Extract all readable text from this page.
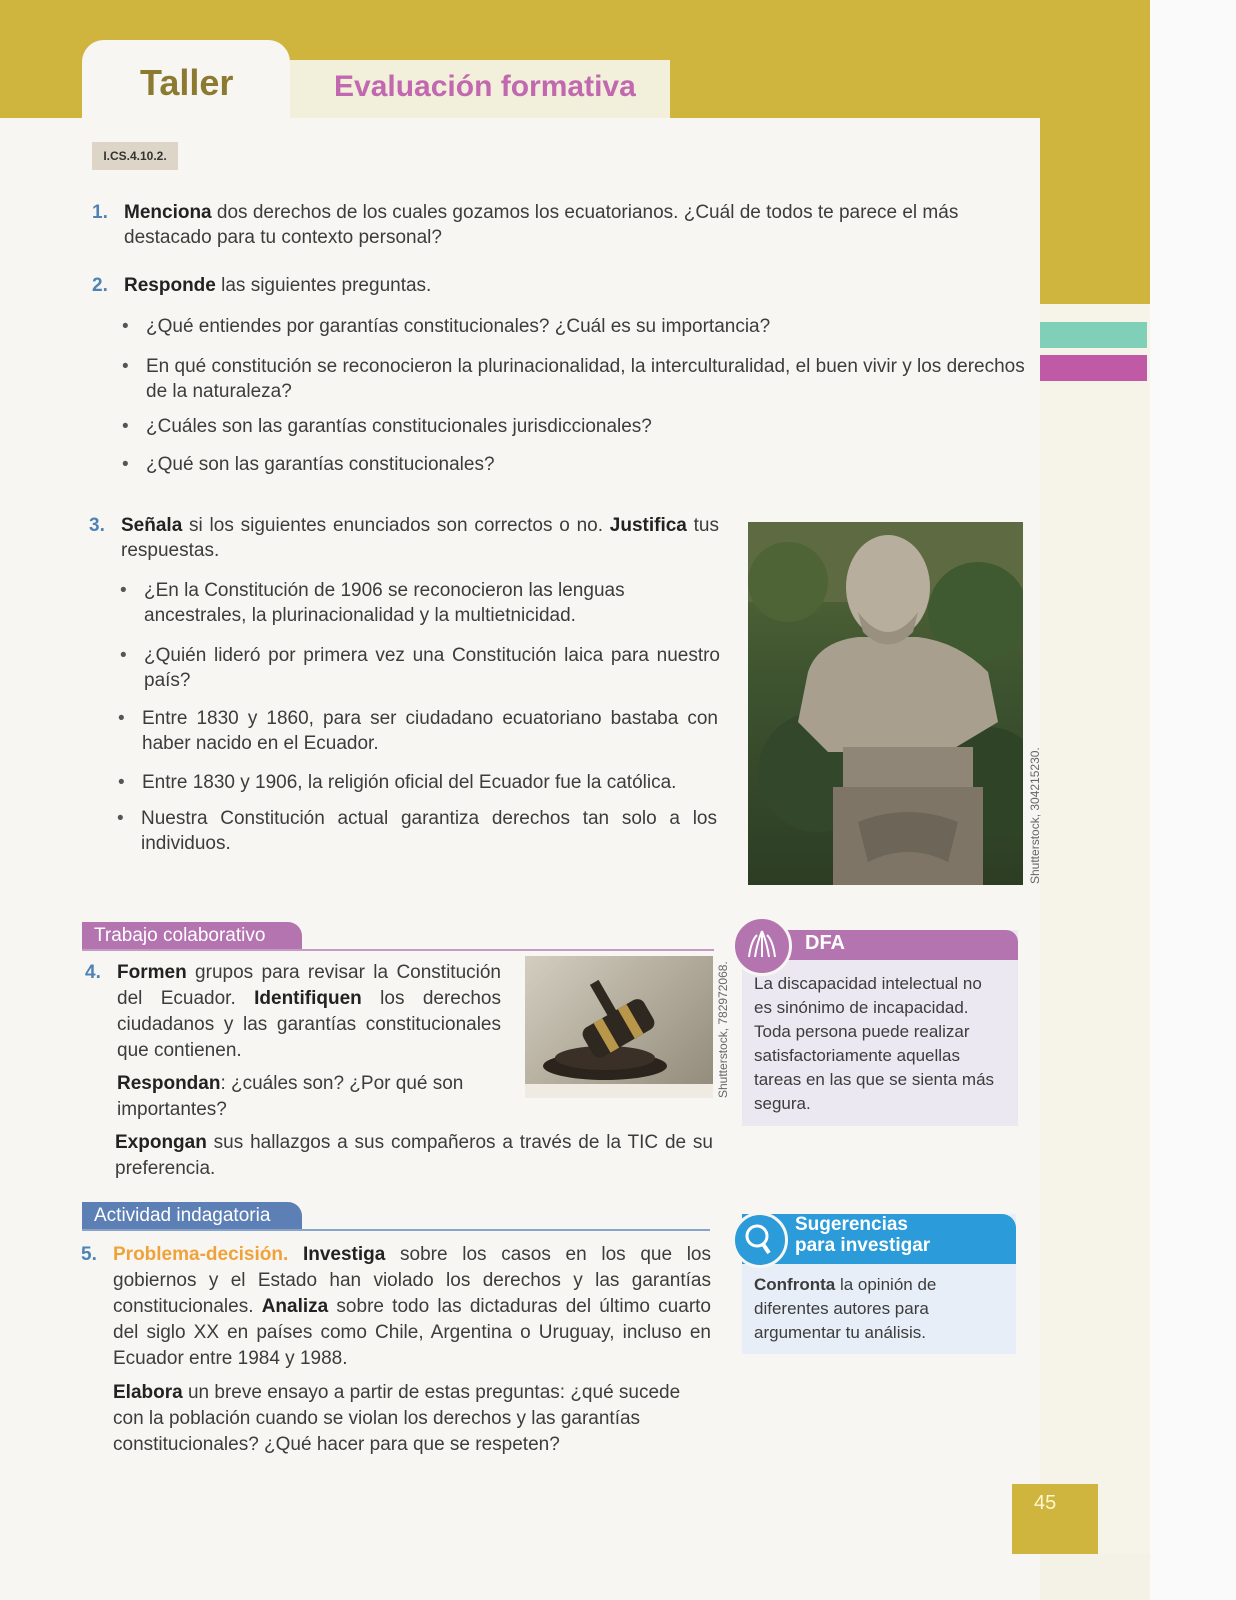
Taller	Evaluación formativa
I.CS.4.10.2.
1. Menciona dos derechos de los cuales gozamos los ecuatorianos. ¿Cuál de todos te parece el más destacado para tu contexto personal?
2. Responde las siguientes preguntas.
• ¿Qué entiendes por garantías constitucionales? ¿Cuál es su importancia?
• En qué constitución se reconocieron la plurinacionalidad, la interculturalidad, el buen vivir y los derechos de la naturaleza?
• ¿Cuáles son las garantías constitucionales jurisdiccionales?
• ¿Qué son las garantías constitucionales?
3. Señala si los siguientes enunciados son correctos o no. Justifica tus respuestas.
• ¿En la Constitución de 1906 se reconocieron las lenguas ancestrales, la plurinacionalidad y la multietnicidad.
• ¿Quién lideró por primera vez una Constitución laica para nuestro país?
• Entre 1830 y 1860, para ser ciudadano ecuatoriano bastaba con haber nacido en el Ecuador.
• Entre 1830 y 1906, la religión oficial del Ecuador fue la católica.
• Nuestra Constitución actual garantiza derechos tan solo a los individuos.	Shutterstock, 304215230.
Trabajo colaborativo
4. Formen grupos para revisar la Constitución del Ecuador. Identifiquen los derechos ciudadanos y las garantías constitucionales que contienen.
Respondan: ¿cuáles son? ¿Por qué son importantes?
Expongan sus hallazgos a sus compañeros a través de la TIC de su preferencia.
Shutterstock, 782972068.
DFA
La discapacidad intelectual no es sinónimo de incapacidad. Toda persona puede realizar satisfactoriamente aquellas tareas en las que se sienta más segura.
Actividad indagatoria
5. Problema-decisión. Investiga sobre los casos en los que los gobiernos y el Estado han violado los derechos y las garantías constitucionales. Analiza sobre todo las dictaduras del último cuarto del siglo XX en países como Chile, Argentina o Uruguay, incluso en Ecuador entre 1984 y 1988.
Elabora un breve ensayo a partir de estas preguntas: ¿qué sucede con la población cuando se violan los derechos y las garantías constitucionales? ¿Qué hacer para que se respeten?
Sugerencias
para investigar
Confronta la opinión de diferentes autores para argumentar tu análisis.
45
